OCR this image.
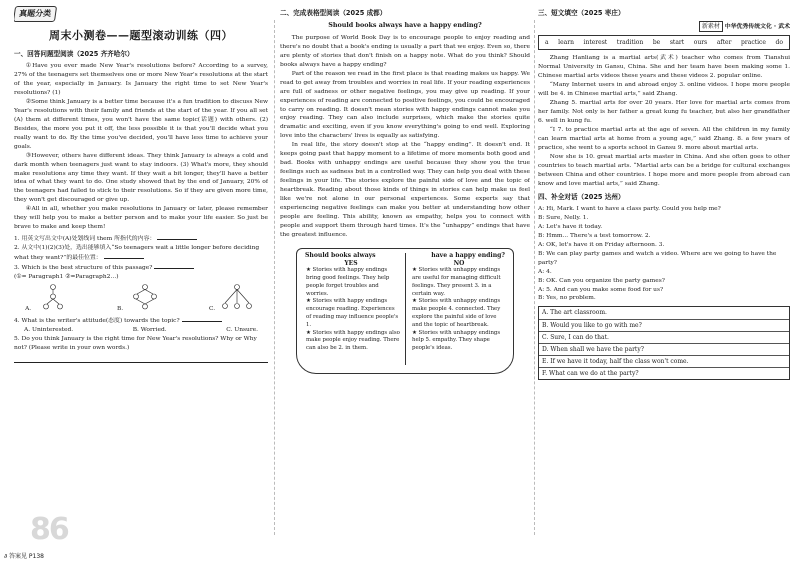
真题分类
周末小测卷——题型滚动训练（四）
一、回答问题型阅读（2025 齐齐哈尔）

①Have you ever made New Year's resolutions before? According to a survey, 27% of the teenagers set themselves one or more New Year's resolutions at the start of the year, especially in January. Is January the right time to set New Year's resolutions? (1)

②Some think January is a better time because it's a fun tradition to discuss New Year's resolutions with their family and friends at the start of the year. If you all set (A) them at different times, you won't have the same topic(话题) with others. (2) Besides, the more you put it off, the less possible it is that you'll decide what you really want to do. By the time you've decided, you'll have less time to achieve your goals.

③However, others have different ideas. They think January is always a cold and dark month when teenagers just want to stay indoors. (3) What's more, they should make resolutions any time they want. If they wait a bit longer, they'll have a better idea of what they want to do. One study showed that by the end of January, 20% of the teenagers had failed to stick to their resolutions. So if they are given more time, they won't get discouraged or give up.

④All in all, whether you make resolutions in January or later, please remember they will help you to make a better person and to make your life easier. So just be brave to make and keep them!

1. 用英文写出文中(A)处划线词 them 所指代的内容：
2. 从文中(1)(2)(3)处，选出能够填入“So teenagers wait a little longer before deciding what they want?”的最佳位置：
3. Which is the best structure of this passage?
(①= Paragraph1 ②=Paragraph2…)
A.	B.	C.
4. What is the writer's attitude(态度) towards the topic?
A. Uninterested.	B. Worried.	C. Unsure.
5. Do you think January is the right time for New Year's resolutions? Why or Why not? (Please write in your own words.)
86
∂ 答案见 P138
二、完成表格型阅读（2025 成都）
Should books always have a happy ending?

The purpose of World Book Day is to encourage people to enjoy reading and there's no doubt that a book's ending is usually a part that we enjoy. Even so, there are plenty of stories that don't finish on a happy note. What do you think? Should books always have a happy ending?

Part of the reason we read in the first place is that reading makes us happy. We read to get away from troubles and worries in real life. If your reading experiences are full of sadness or other negative feelings, you may give up reading. If your experiences of reading are connected to positive feelings, you could be encouraged to carry on reading. It doesn't mean stories with happy endings cannot make you enjoy reading. They can also include surprises, which make the stories quite dramatic and exciting, even if you know everything's going to end well. Exploring love into the characters' lives is equally as satisfying.

In real life, the story doesn't stop at the “happy ending”. It doesn't end. It keeps going past that happy moment to a lifetime of more moments both good and bad. Books with unhappy endings are useful because they show you the true feelings such as sadness but in a controlled way. They can help you deal with these feelings in your life. The stories explore the painful side of love and the topic of heartbreak. Reading about those kinds of things in stories can help make us feel like we're not alone in our personal experiences. Some experts say that experiencing negative feelings can make you better at understanding how other people are feeling. This ability, known as empathy, helps you to connect with people and support them through hard times. It's the “unhappy” endings that have the greatest influence.

Should books always	have a happy ending?
YES	NO
★ Stories with happy endings bring good feelings. They help people forget troubles and worries.
★ Stories with happy endings encourage reading. Experiences of reading may influence people's 1.
★ Stories with happy endings also make people enjoy reading. There can also be 2. in them.
★ Stories with unhappy endings are useful for managing difficult feelings. They present 3. in a certain way.
★ Stories with unhappy endings make people 4. connected. They explore the painful side of love and the topic of heartbreak.
★ Stories with unhappy endings help 5. empathy. They shape people's ideas.
三、短文填空（2025 枣庄）
新素材 中华优秀传统文化 · 武术
a learn interest tradition be start ours after practice do

Zhang Hanliang is a martial arts(武术) teacher who comes from Tianshui Normal University in Gansu, China. She and her team have been making some 1. Chinese martial arts videos these years and these videos 2. popular online.

“Many Internet users in and abroad enjoy 3. online videos. I hope more people will be 4. in Chinese martial arts,” said Zhang.

Zhang 5. martial arts for over 20 years. Her love for martial arts comes from her family. Not only is her father a great kung fu teacher, but also her grandfather 6. well in kung fu.

“I 7. to practice martial arts at the age of seven. All the children in my family can learn martial arts at home from a young age,” said Zhang. 8. a few years of practice, she went to a sports school in Gansu 9. more about martial arts.

Now she is 10. great martial arts master in China. And she often goes to other countries to teach martial arts. “Martial arts can be a bridge for cultural exchanges between China and other countries. I hope more and more people from abroad can know and love martial arts,” said Zhang.

四、补全对话（2025 达州）
A: Hi, Mark. I want to have a class party. Could you help me?
B: Sure, Nelly. 1.
A: Let's have it today.
B: Hmm... There's a test tomorrow. 2.
A: OK, let's have it on Friday afternoon. 3.
B: We can play party games and watch a video. Where are we going to have the party?
A: 4.
B: OK. Can you organize the party games?
A: 5. And can you make some food for us?
B: Yes, no problem.
A. The art classroom.
B. Would you like to go with me?
C. Sure, I can do that.
D. When shall we have the party?
E. If we have it today, half the class won't come.
F. What can we do at the party?
